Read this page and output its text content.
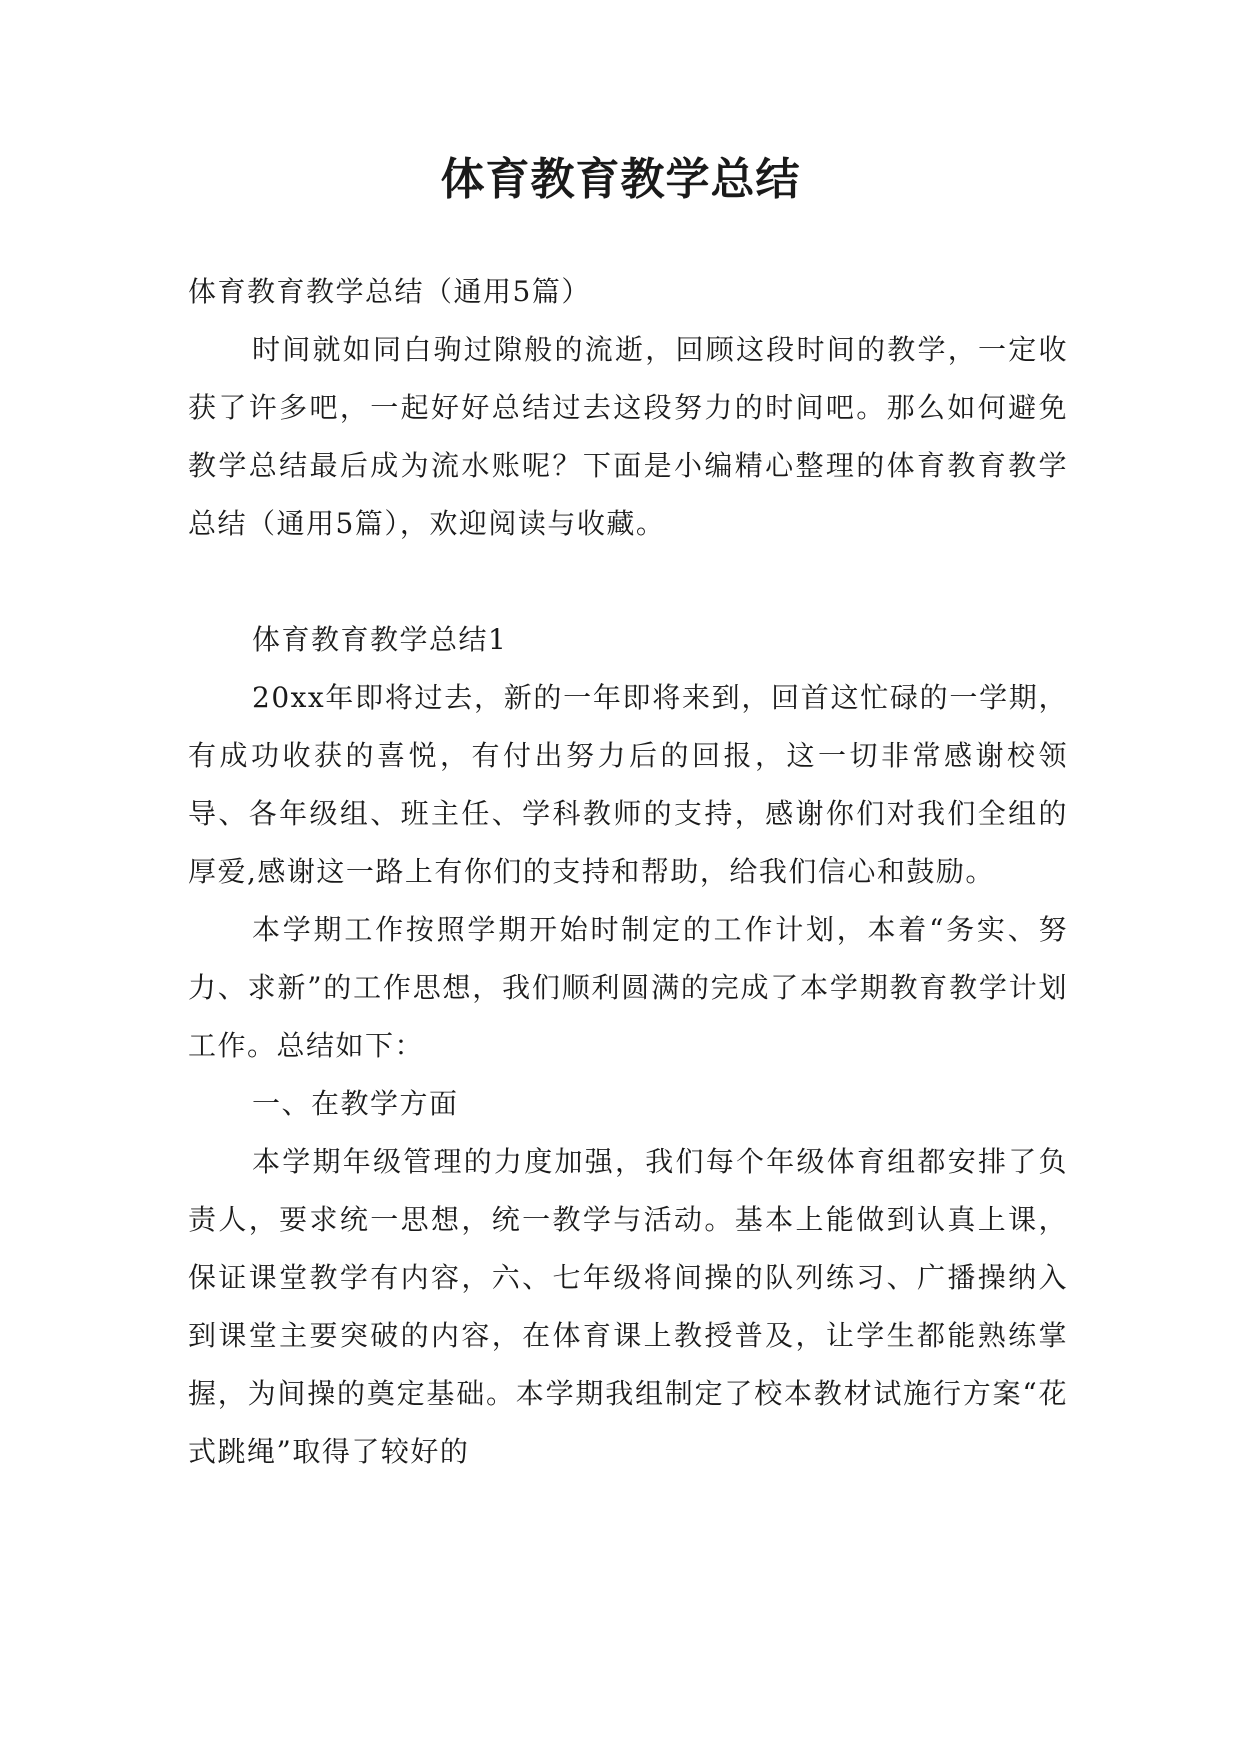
体育教育教学总结

体育教育教学总结（通用5篇）

时间就如同白驹过隙般的流逝，回顾这段时间的教学，一定收获了许多吧，一起好好总结过去这段努力的时间吧。那么如何避免教学总结最后成为流水账呢？下面是小编精心整理的体育教育教学总结（通用5篇），欢迎阅读与收藏。

体育教育教学总结1

20xx年即将过去，新的一年即将来到，回首这忙碌的一学期，有成功收获的喜悦，有付出努力后的回报，这一切非常感谢校领导、各年级组、班主任、学科教师的支持，感谢你们对我们全组的厚爱,感谢这一路上有你们的支持和帮助，给我们信心和鼓励。

本学期工作按照学期开始时制定的工作计划，本着“务实、努力、求新”的工作思想，我们顺利圆满的完成了本学期教育教学计划工作。总结如下：

一、在教学方面

本学期年级管理的力度加强，我们每个年级体育组都安排了负责人，要求统一思想，统一教学与活动。基本上能做到认真上课，保证课堂教学有内容，六、七年级将间操的队列练习、广播操纳入到课堂主要突破的内容，在体育课上教授普及，让学生都能熟练掌握，为间操的奠定基础。本学期我组制定了校本教材试施行方案“花式跳绳”取得了较好的
